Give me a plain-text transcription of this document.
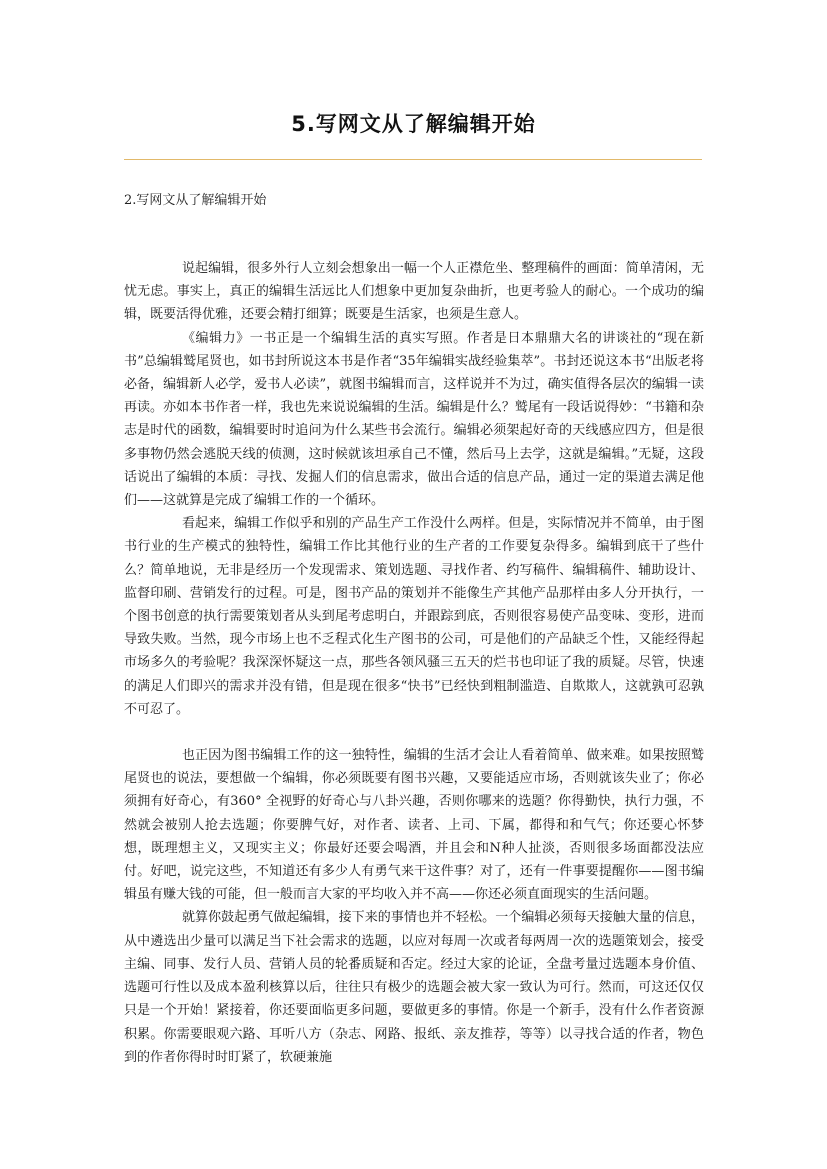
5.写网文从了解编辑开始
2.写网文从了解编辑开始

说起编辑，很多外行人立刻会想象出一幅一个人正襟危坐、整理稿件的画面：简单清闲，无忧无虑。事实上，真正的编辑生活远比人们想象中更加复杂曲折，也更考验人的耐心。一个成功的编辑，既要活得优雅，还要会精打细算；既要是生活家，也须是生意人。

《编辑力》一书正是一个编辑生活的真实写照。作者是日本鼎鼎大名的讲谈社的“现在新书”总编辑鹫尾贤也，如书封所说这本书是作者“35年编辑实战经验集萃”。书封还说这本书“出版老将必备，编辑新人必学，爱书人必读”，就图书编辑而言，这样说并不为过，确实值得各层次的编辑一读再读。亦如本书作者一样，我也先来说说编辑的生活。编辑是什么？鹫尾有一段话说得妙：“书籍和杂志是时代的函数，编辑要时时追问为什么某些书会流行。编辑必须架起好奇的天线感应四方，但是很多事物仍然会逃脱天线的侦测，这时候就该坦承自己不懂，然后马上去学，这就是编辑。”无疑，这段话说出了编辑的本质：寻找、发掘人们的信息需求，做出合适的信息产品，通过一定的渠道去满足他们——这就算是完成了编辑工作的一个循环。

看起来，编辑工作似乎和别的产品生产工作没什么两样。但是，实际情况并不简单，由于图书行业的生产模式的独特性，编辑工作比其他行业的生产者的工作要复杂得多。编辑到底干了些什么？简单地说，无非是经历一个发现需求、策划选题、寻找作者、约写稿件、编辑稿件、辅助设计、监督印刷、营销发行的过程。可是，图书产品的策划并不能像生产其他产品那样由多人分开执行，一个图书创意的执行需要策划者从头到尾考虑明白，并跟踪到底，否则很容易使产品变味、变形，进而导致失败。当然，现今市场上也不乏程式化生产图书的公司，可是他们的产品缺乏个性，又能经得起市场多久的考验呢？我深深怀疑这一点，那些各领风骚三五天的烂书也印证了我的质疑。尽管，快速的满足人们即兴的需求并没有错，但是现在很多“快书”已经快到粗制滥造、自欺欺人，这就孰可忍孰不可忍了。

也正因为图书编辑工作的这一独特性，编辑的生活才会让人看着简单、做来难。如果按照鹫尾贤也的说法，要想做一个编辑，你必须既要有图书兴趣，又要能适应市场，否则就该失业了；你必须拥有好奇心，有360° 全视野的好奇心与八卦兴趣，否则你哪来的选题？你得勤快，执行力强，不然就会被别人抢去选题；你要脾气好，对作者、读者、上司、下属，都得和和气气；你还要心怀梦想，既理想主义，又现实主义；你最好还要会喝酒，并且会和N种人扯淡，否则很多场面都没法应付。好吧，说完这些，不知道还有多少人有勇气来干这件事？对了，还有一件事要提醒你——图书编辑虽有赚大钱的可能，但一般而言大家的平均收入并不高——你还必须直面现实的生活问题。

就算你鼓起勇气做起编辑，接下来的事情也并不轻松。一个编辑必须每天接触大量的信息，从中遴选出少量可以满足当下社会需求的选题，以应对每周一次或者每两周一次的选题策划会，接受主编、同事、发行人员、营销人员的轮番质疑和否定。经过大家的论证，全盘考量过选题本身价值、选题可行性以及成本盈利核算以后，往往只有极少的选题会被大家一致认为可行。然而，可这还仅仅只是一个开始！紧接着，你还要面临更多问题，要做更多的事情。你是一个新手，没有什么作者资源积累。你需要眼观六路、耳听八方（杂志、网路、报纸、亲友推荐，等等）以寻找合适的作者，物色到的作者你得时时盯紧了，软硬兼施
